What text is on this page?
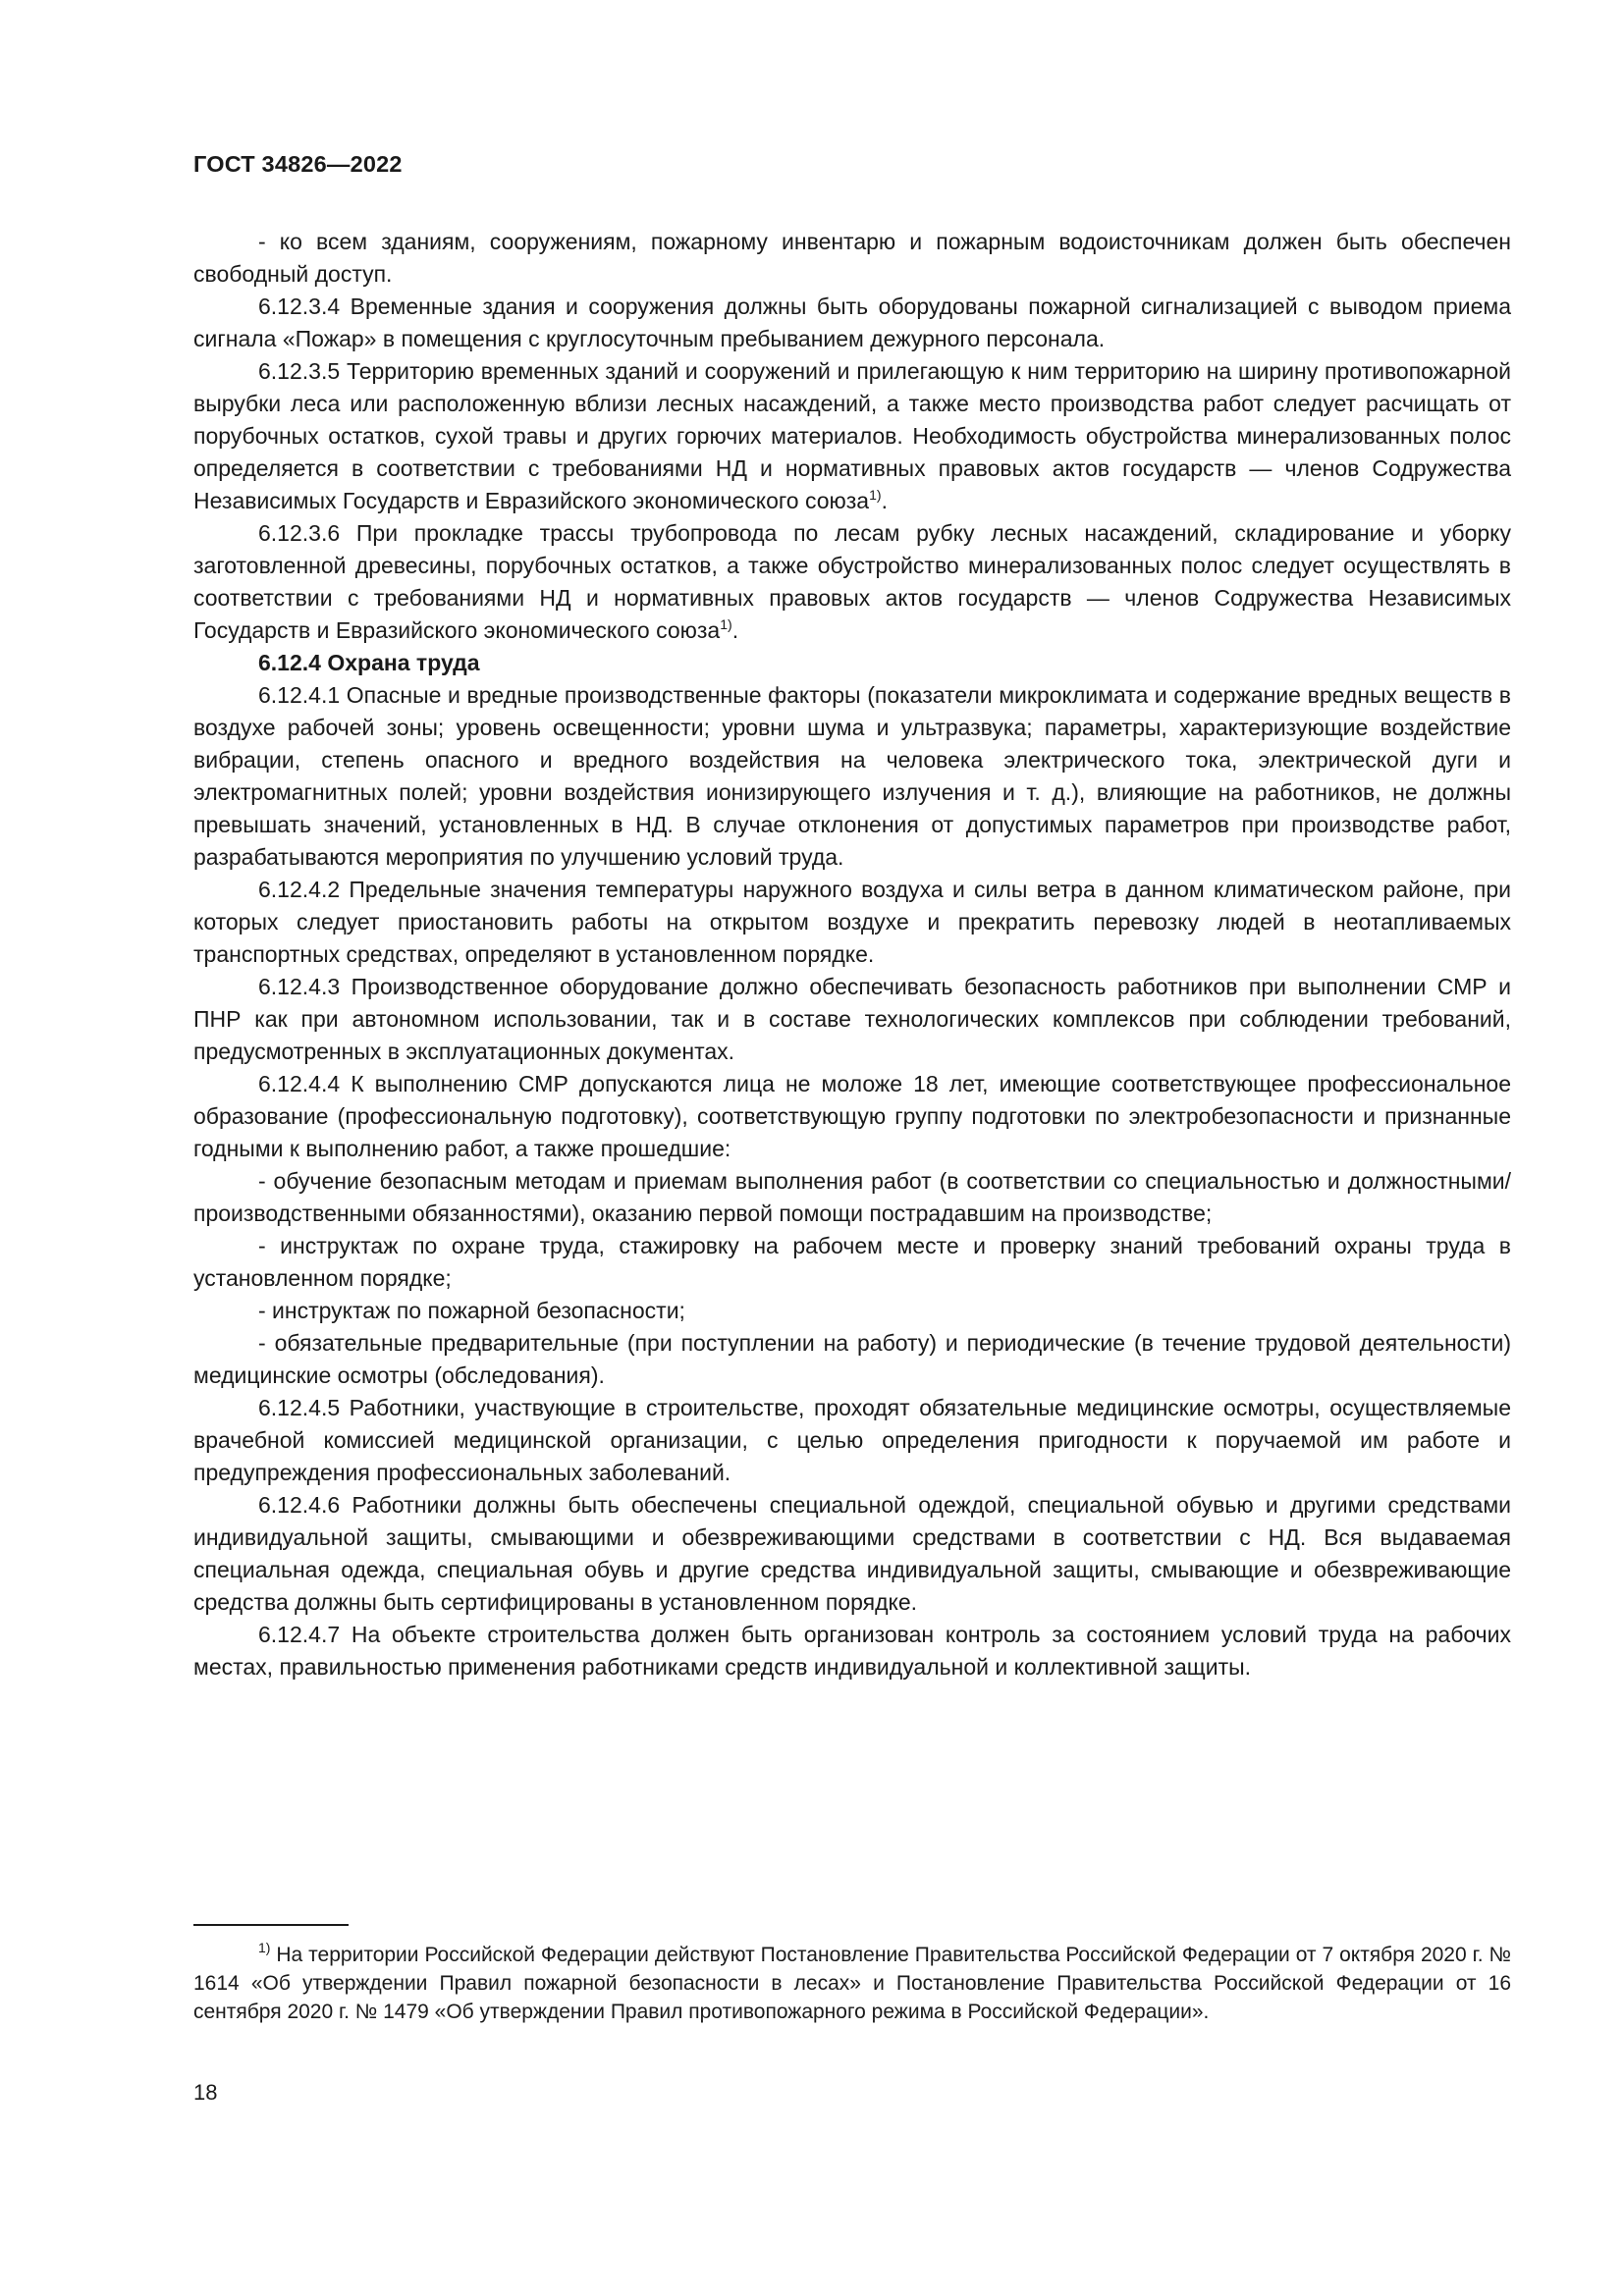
ГОСТ 34826—2022

- ко всем зданиям, сооружениям, пожарному инвентарю и пожарным водоисточникам должен быть обеспечен свободный доступ.

6.12.3.4 Временные здания и сооружения должны быть оборудованы пожарной сигнализацией с выводом приема сигнала «Пожар» в помещения с круглосуточным пребыванием дежурного персонала.

6.12.3.5 Территорию временных зданий и сооружений и прилегающую к ним территорию на ширину противопожарной вырубки леса или расположенную вблизи лесных насаждений, а также место производства работ следует расчищать от порубочных остатков, сухой травы и других горючих материалов. Необходимость обустройства минерализованных полос определяется в соответствии с требованиями НД и нормативных правовых актов государств — членов Содружества Независимых Государств и Евразийского экономического союза$^{1)}$.

6.12.3.6 При прокладке трассы трубопровода по лесам рубку лесных насаждений, складирование и уборку заготовленной древесины, порубочных остатков, а также обустройство минерализованных полос следует осуществлять в соответствии с требованиями НД и нормативных правовых актов государств — членов Содружества Независимых Государств и Евразийского экономического союза$^{1)}$.

6.12.4 Охрана труда

6.12.4.1 Опасные и вредные производственные факторы (показатели микроклимата и содержание вредных веществ в воздухе рабочей зоны; уровень освещенности; уровни шума и ультразвука; параметры, характеризующие воздействие вибрации, степень опасного и вредного воздействия на человека электрического тока, электрической дуги и электромагнитных полей; уровни воздействия ионизирующего излучения и т. д.), влияющие на работников, не должны превышать значений, установленных в НД. В случае отклонения от допустимых параметров при производстве работ, разрабатываются мероприятия по улучшению условий труда.

6.12.4.2 Предельные значения температуры наружного воздуха и силы ветра в данном климатическом районе, при которых следует приостановить работы на открытом воздухе и прекратить перевозку людей в неотапливаемых транспортных средствах, определяют в установленном порядке.

6.12.4.3 Производственное оборудование должно обеспечивать безопасность работников при выполнении СМР и ПНР как при автономном использовании, так и в составе технологических комплексов при соблюдении требований, предусмотренных в эксплуатационных документах.

6.12.4.4 К выполнению СМР допускаются лица не моложе 18 лет, имеющие соответствующее профессиональное образование (профессиональную подготовку), соответствующую группу подготовки по электробезопасности и признанные годными к выполнению работ, а также прошедшие:

- обучение безопасным методам и приемам выполнения работ (в соответствии со специальностью и должностными/производственными обязанностями), оказанию первой помощи пострадавшим на производстве;

- инструктаж по охране труда, стажировку на рабочем месте и проверку знаний требований охраны труда в установленном порядке;

- инструктаж по пожарной безопасности;

- обязательные предварительные (при поступлении на работу) и периодические (в течение трудовой деятельности) медицинские осмотры (обследования).

6.12.4.5 Работники, участвующие в строительстве, проходят обязательные медицинские осмотры, осуществляемые врачебной комиссией медицинской организации, с целью определения пригодности к поручаемой им работе и предупреждения профессиональных заболеваний.

6.12.4.6 Работники должны быть обеспечены специальной одеждой, специальной обувью и другими средствами индивидуальной защиты, смывающими и обезвреживающими средствами в соответствии с НД. Вся выдаваемая специальная одежда, специальная обувь и другие средства индивидуальной защиты, смывающие и обезвреживающие средства должны быть сертифицированы в установленном порядке.

6.12.4.7 На объекте строительства должен быть организован контроль за состоянием условий труда на рабочих местах, правильностью применения работниками средств индивидуальной и коллективной защиты.

$^{1)}$ На территории Российской Федерации действуют Постановление Правительства Российской Федерации от 7 октября 2020 г. № 1614 «Об утверждении Правил пожарной безопасности в лесах» и Постановление Правительства Российской Федерации от 16 сентября 2020 г. № 1479 «Об утверждении Правил противопожарного режима в Российской Федерации».
18
